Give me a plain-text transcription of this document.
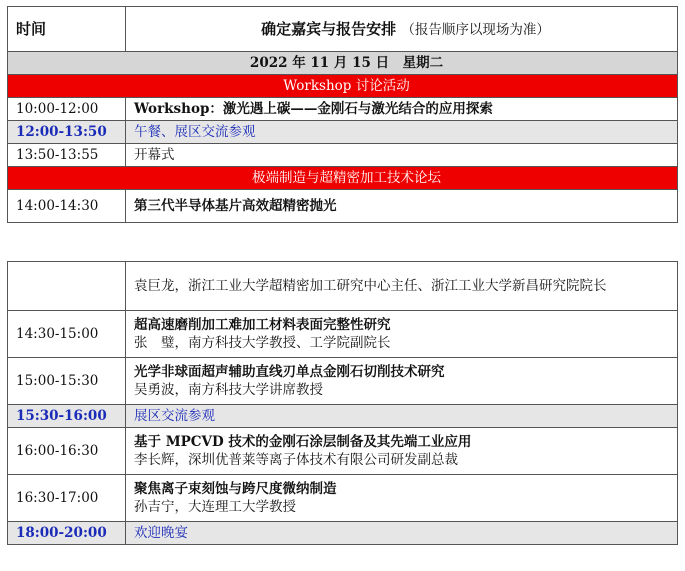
时间	确定嘉宾与报告安排 （报告顺序以现场为准）
2022 年 11 月 15 日　星期二	
Workshop 讨论活动	
10:00-12:00	Workshop：激光遇上碳——金刚石与激光结合的应用探索
12:00-13:50	午餐、展区交流参观
13:50-13:55	开幕式
极端制造与超精密加工技术论坛	
14:00-14:30	第三代半导体基片高效超精密抛光
	袁巨龙，浙江工业大学超精密加工研究中心主任、浙江工业大学新昌研究院院长
14:30-15:00	超高速磨削加工难加工材料表面完整性研究
张　璧，南方科技大学教授、工学院副院长

15:00-15:30	光学非球面超声辅助直线刃单点金刚石切削技术研究
吴勇波，南方科技大学讲席教授

15:30-16:00	展区交流参观
16:00-16:30	基于 MPCVD 技术的金刚石涂层制备及其先端工业应用
李长辉，深圳优普莱等离子体技术有限公司研发副总裁

16:30-17:00	聚焦离子束刻蚀与跨尺度微纳制造
孙吉宁，大连理工大学教授

18:00-20:00	欢迎晚宴
